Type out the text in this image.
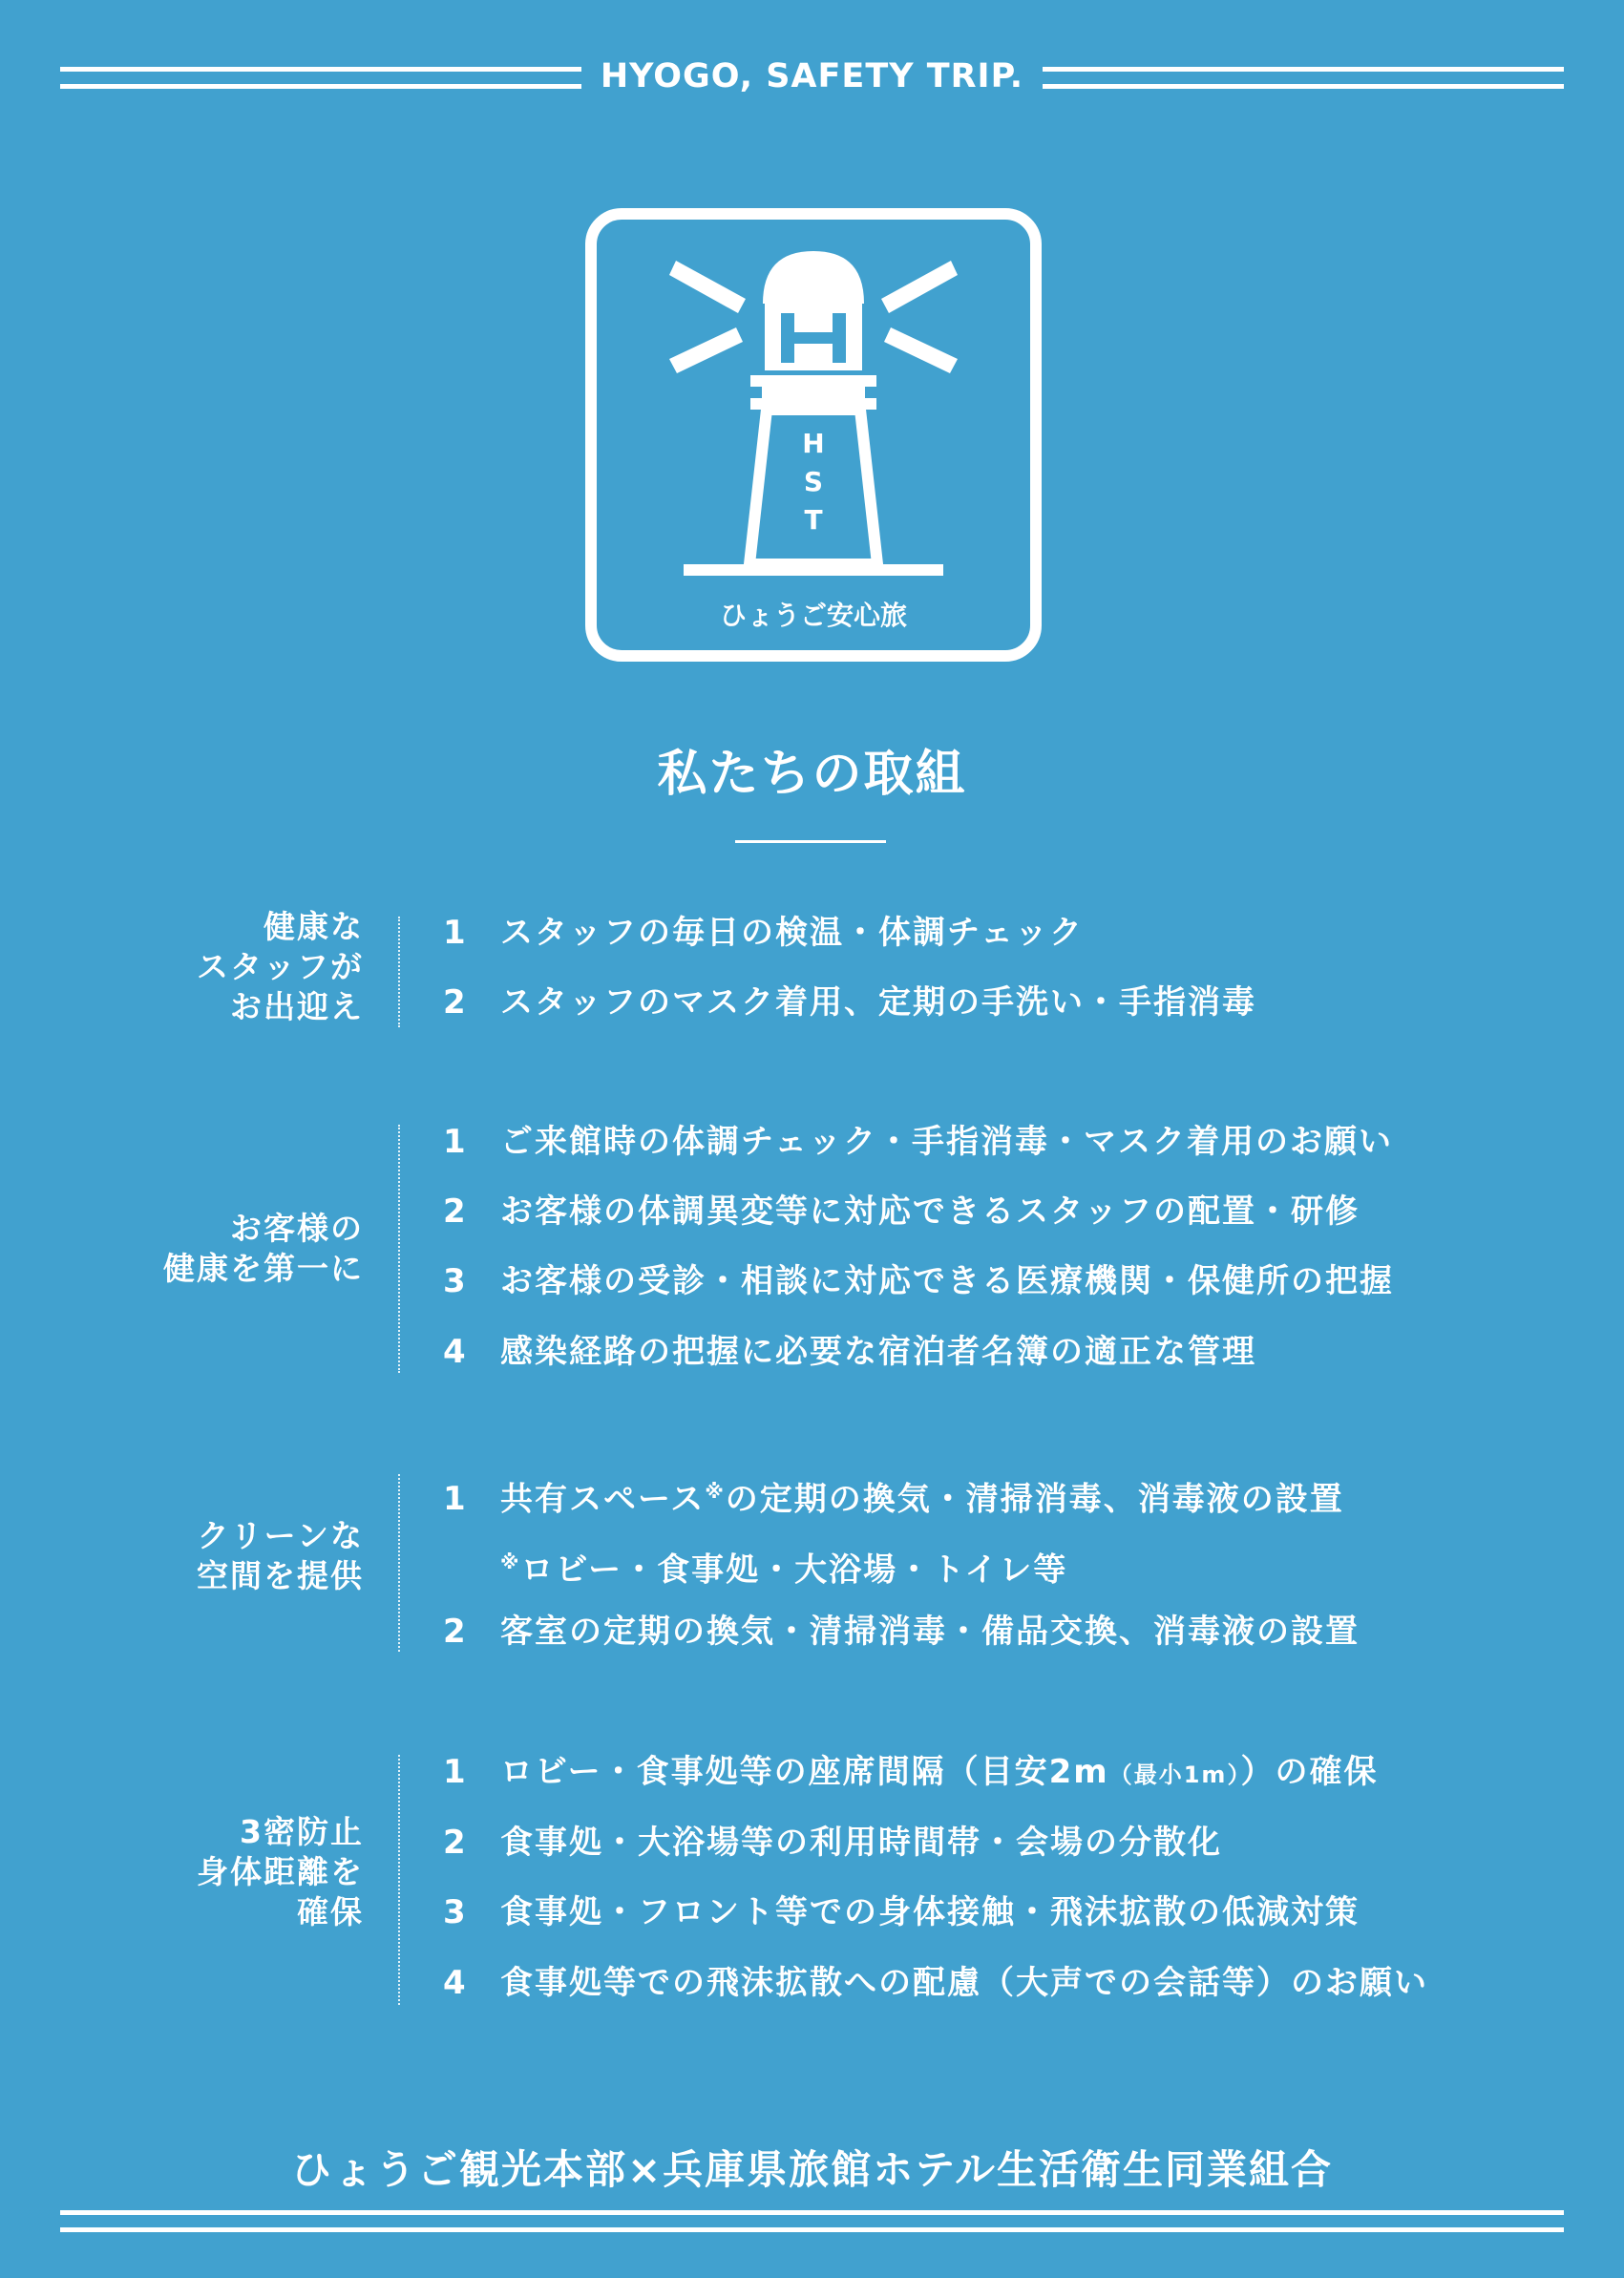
HYOGO, SAFETY TRIP.
H
S
T
ひょうご安心旅
私たちの取組
健康な
スタッフが
お出迎え
1 スタッフの毎日の検温・体調チェック
2 スタッフのマスク着用、定期の手洗い・手指消毒
お客様の
健康を第一に
1 ご来館時の体調チェック・手指消毒・マスク着用のお願い
2 お客様の体調異変等に対応できるスタッフの配置・研修
3 お客様の受診・相談に対応できる医療機関・保健所の把握
4 感染経路の把握に必要な宿泊者名簿の適正な管理
クリーンな
空間を提供
1 共有スペース※の定期の換気・清掃消毒、消毒液の設置
※ロビー・食事処・大浴場・トイレ等
2 客室の定期の換気・清掃消毒・備品交換、消毒液の設置
3密防止
身体距離を
確保
1 ロビー・食事処等の座席間隔（目安2m（最小1m））の確保
2 食事処・大浴場等の利用時間帯・会場の分散化
3 食事処・フロント等での身体接触・飛沫拡散の低減対策
4 食事処等での飛沫拡散への配慮（大声での会話等）のお願い
ひょうご観光本部×兵庫県旅館ホテル生活衛生同業組合
